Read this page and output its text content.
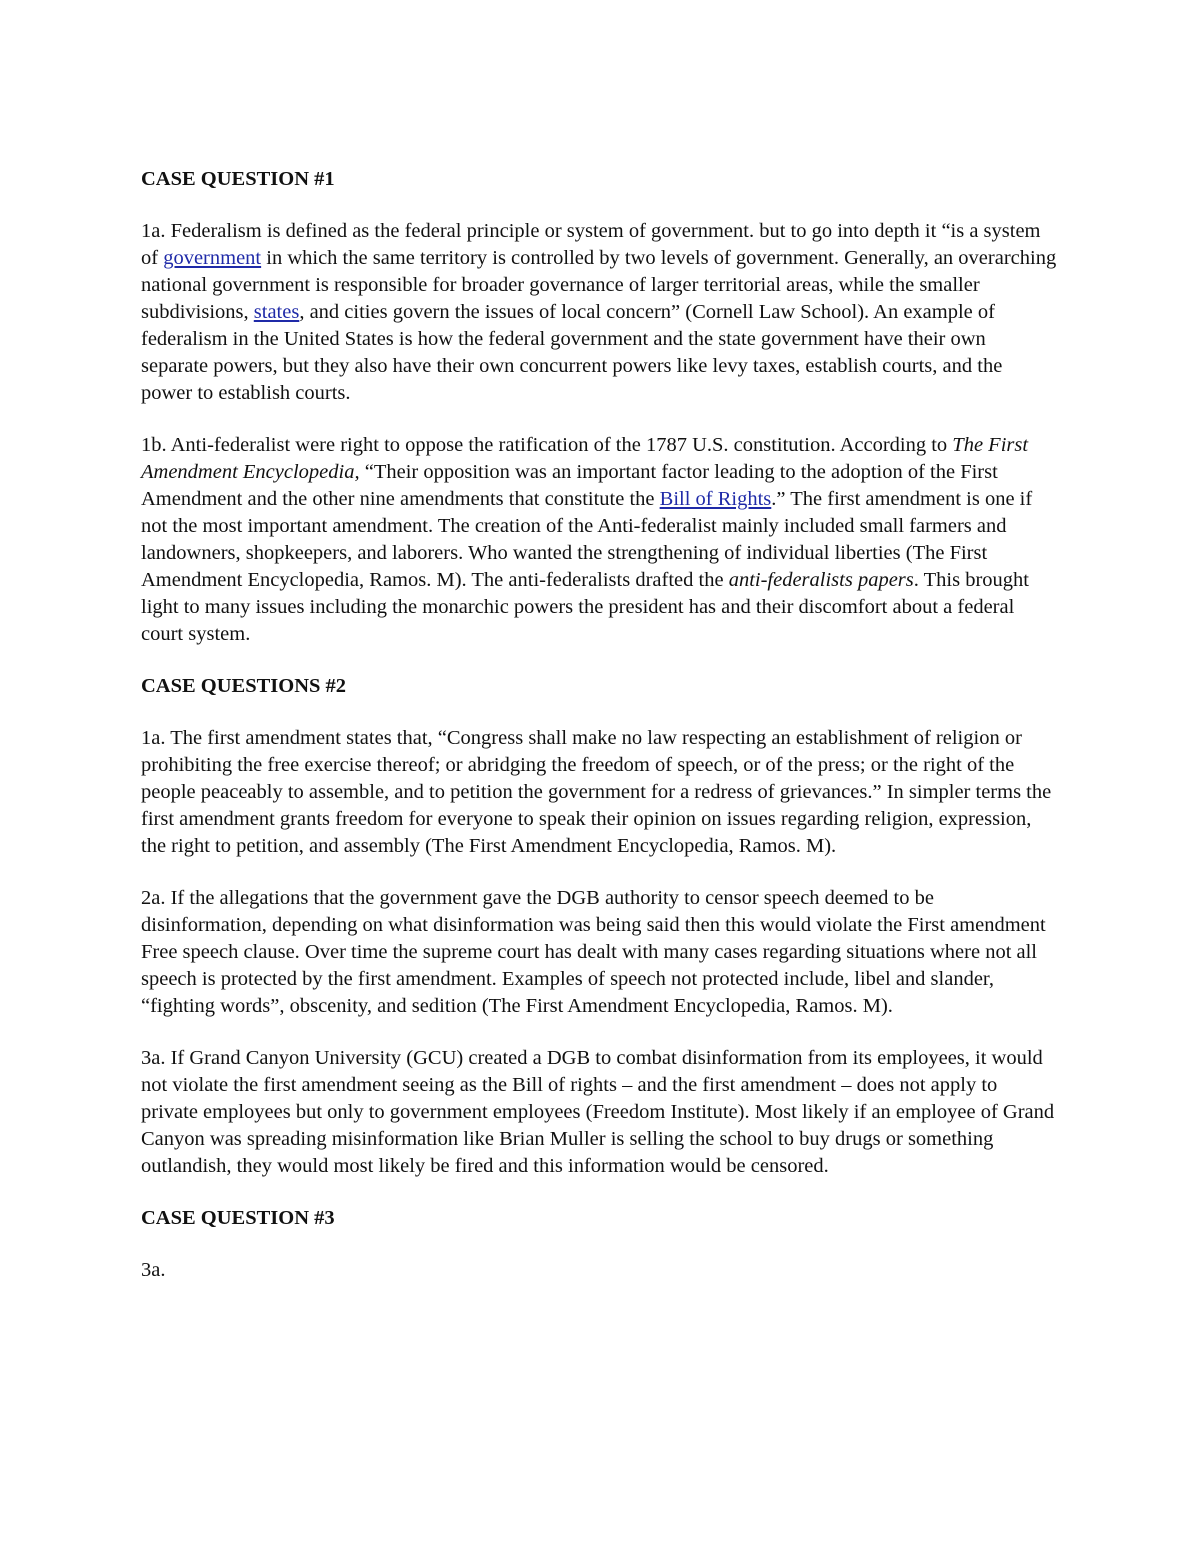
CASE QUESTION #1

1a. Federalism is defined as the federal principle or system of government. but to go into depth it “is a system of government in which the same territory is controlled by two levels of government. Generally, an overarching national government is responsible for broader governance of larger territorial areas, while the smaller subdivisions, states, and cities govern the issues of local concern” (Cornell Law School). An example of federalism in the United States is how the federal government and the state government have their own separate powers, but they also have their own concurrent powers like levy taxes, establish courts, and the power to establish courts.

1b. Anti-federalist were right to oppose the ratification of the 1787 U.S. constitution. According to The First Amendment Encyclopedia, “Their opposition was an important factor leading to the adoption of the First Amendment and the other nine amendments that constitute the Bill of Rights.” The first amendment is one if not the most important amendment. The creation of the Anti-federalist mainly included small farmers and landowners, shopkeepers, and laborers. Who wanted the strengthening of individual liberties (The First Amendment Encyclopedia, Ramos. M). The anti-federalists drafted the anti-federalists papers. This brought light to many issues including the monarchic powers the president has and their discomfort about a federal court system.

CASE QUESTIONS #2

1a. The first amendment states that, “Congress shall make no law respecting an establishment of religion or prohibiting the free exercise thereof; or abridging the freedom of speech, or of the press; or the right of the people peaceably to assemble, and to petition the government for a redress of grievances.” In simpler terms the first amendment grants freedom for everyone to speak their opinion on issues regarding religion, expression, the right to petition, and assembly (The First Amendment Encyclopedia, Ramos. M).

2a. If the allegations that the government gave the DGB authority to censor speech deemed to be disinformation, depending on what disinformation was being said then this would violate the First amendment Free speech clause. Over time the supreme court has dealt with many cases regarding situations where not all speech is protected by the first amendment. Examples of speech not protected include, libel and slander, “fighting words”, obscenity, and sedition (The First Amendment Encyclopedia, Ramos. M).

3a. If Grand Canyon University (GCU) created a DGB to combat disinformation from its employees, it would not violate the first amendment seeing as the Bill of rights – and the first amendment – does not apply to private employees but only to government employees (Freedom Institute). Most likely if an employee of Grand Canyon was spreading misinformation like Brian Muller is selling the school to buy drugs or something outlandish, they would most likely be fired and this information would be censored.

CASE QUESTION #3

3a.
